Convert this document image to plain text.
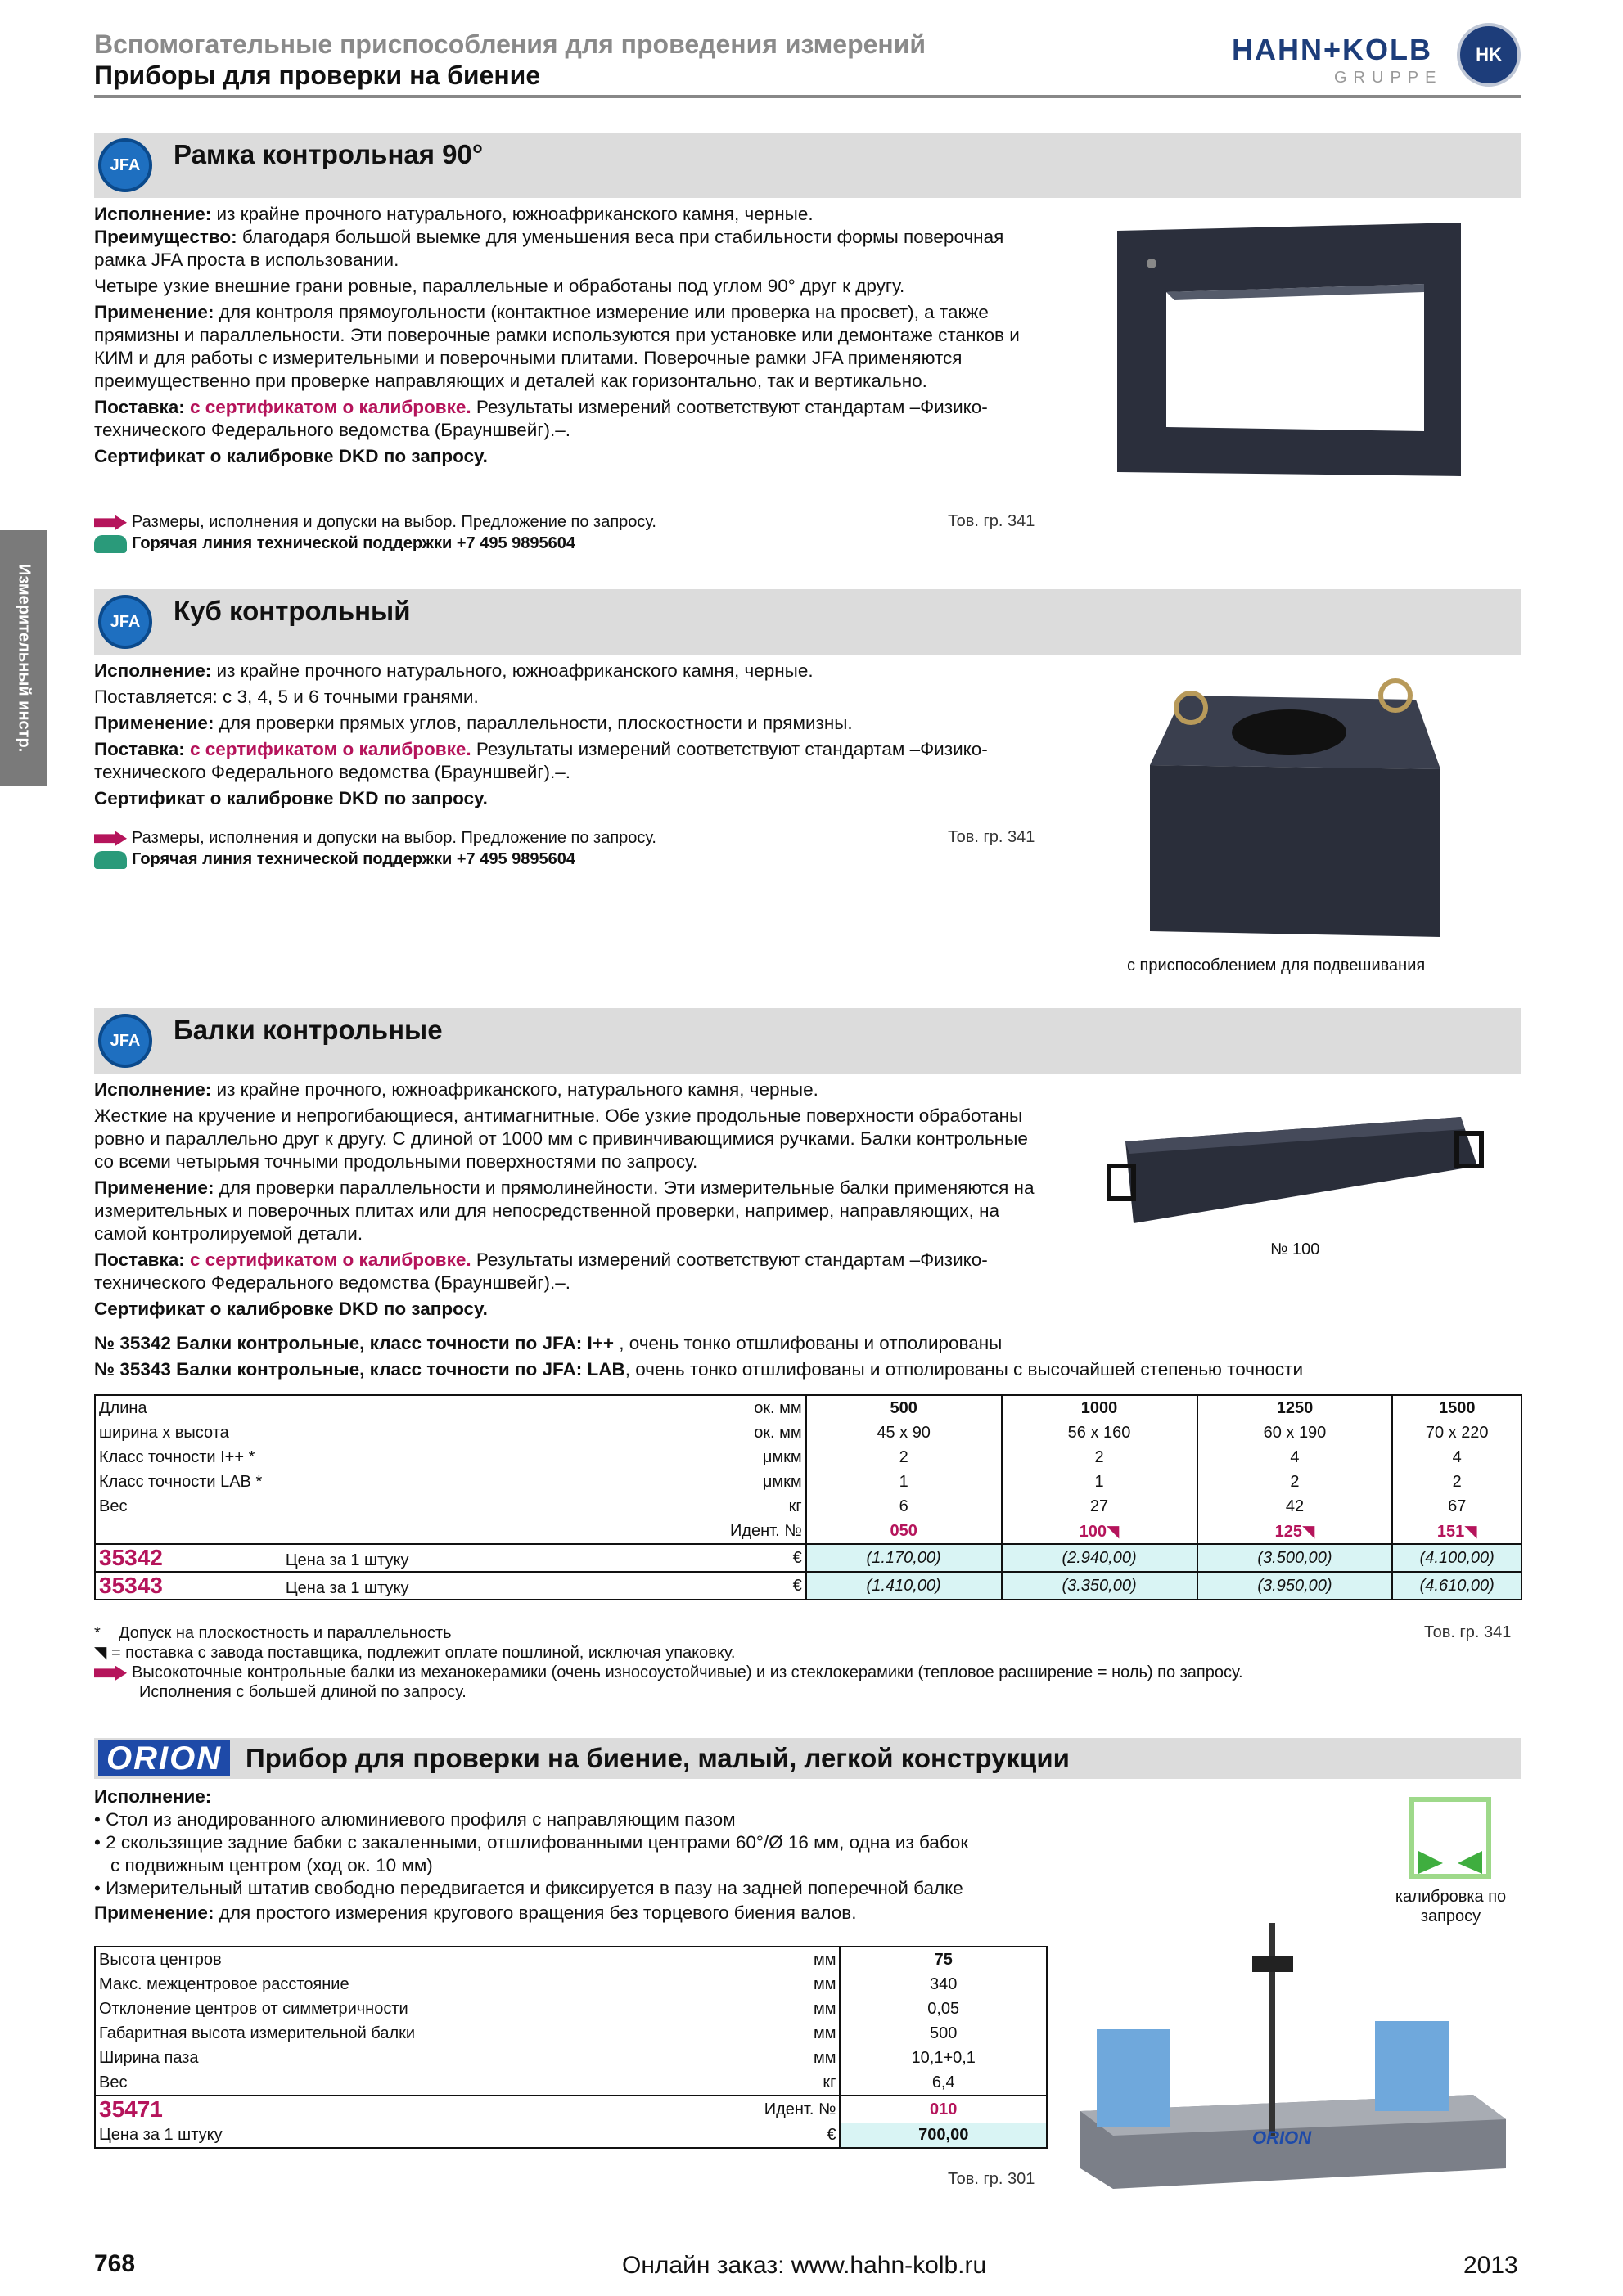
Вспомогательные приспособления для проведения измерений
Приборы для проверки на биение
HAHN+KOLB
GRUPPE
HK
Измерительный инстр.
JFA	Рамка контрольная 90°
Исполнение: из крайне прочного натурального, южноафриканского камня, черные.
Преимущество: благодаря большой выемке для уменьшения веса при стабильности формы поверочная рамка JFA проста в использовании.
Четыре узкие внешние грани ровные, параллельные и обработаны под углом 90° друг к другу.
Применение: для контроля прямоугольности (контактное измерение или проверка на просвет), а также прямизны и параллельности. Эти поверочные рамки используются при установке или демонтаже станков и КИМ и для работы с измерительными и поверочными плитами. Поверочные рамки JFA применяются преимущественно при проверке направляющих и деталей как горизонтально, так и вертикально.
Поставка: с сертификатом о калибровке. Результаты измерений соответствуют стандартам –Физико-технического Федерального ведомства (Брауншвейг).–.
Сертификат о калибровке DKD по запросу.
Размеры, исполнения и допуски на выбор. Предложение по запросу.	Тов. гр. 341
Горячая линия технической поддержки +7 495 9895604
JFA	Куб контрольный
Исполнение: из крайне прочного натурального, южноафриканского камня, черные.
Поставляется: с 3, 4, 5 и 6 точными гранями.
Применение: для проверки прямых углов, параллельности, плоскостности и прямизны.
Поставка: с сертификатом о калибровке. Результаты измерений соответствуют стандартам –Физико-технического Федерального ведомства (Брауншвейг).–.
Сертификат о калибровке DKD по запросу.
Размеры, исполнения и допуски на выбор. Предложение по запросу.	Тов. гр. 341
Горячая линия технической поддержки +7 495 9895604
с приспособлением для подвешивания
JFA	Балки контрольные
Исполнение: из крайне прочного, южноафриканского, натурального камня, черные.
Жесткие на кручение и непрогибающиеся, антимагнитные. Обе узкие продольные поверхности обработаны ровно и параллельно друг к другу. С длиной от 1000 мм с привинчивающимися ручками. Балки контрольные со всеми четырьмя точными продольными поверхностями по запросу.
Применение: для проверки параллельности и прямолинейности. Эти измерительные балки применяются на измерительных и поверочных плитах или для непосредственной проверки, например, направляющих, на самой контролируемой детали.
Поставка: с сертификатом о калибровке. Результаты измерений соответствуют стандартам –Физико-технического Федерального ведомства (Брауншвейг).–.
Сертификат о калибровке DKD по запросу.
№ 100
№ 35342 Балки контрольные, класс точности по JFA: I++ , очень тонко отшлифованы и отполированы
№ 35343 Балки контрольные, класс точности по JFA: LAB, очень тонко отшлифованы и отполированы с высочайшей степенью точности
Длина	ок. мм	500	1000	1250	1500
ширина х высота	ок. мм	45 x 90	56 x 160	60 x 190	70 x 220
Класс точности I++ *	μмкм	2	2	4	4
Класс точности LAB *	μмкм	1	1	2	2
Вес	кг	6	27	42	67
	Идент. №	050	100◥	125◥	151◥
35342 Цена за 1 штуку	€	(1.170,00)	(2.940,00)	(3.500,00)	(4.100,00)
35343 Цена за 1 штуку	€	(1.410,00)	(3.350,00)	(3.950,00)	(4.610,00)
*    Допуск на плоскостность и параллельность	Тов. гр. 341
◥ = поставка с завода поставщика, подлежит оплате пошлиной, исключая упаковку.
Высокоточные контрольные балки из механокерамики (очень износоустойчивые) и из стеклокерамики (тепловое расширение = ноль) по запросу.
Исполнения с большей длиной по запросу.
ORION Прибор для проверки на биение, малый, легкой конструкции
Исполнение:
• Стол из анодированного алюминиевого профиля с направляющим пазом
• 2 скользящие задние бабки с закаленными, отшлифованными центрами 60°/Ø 16 мм, одна из бабок
с подвижным центром (ход ок. 10 мм)
• Измерительный штатив свободно передвигается и фиксируется в пазу на задней поперечной балке
Применение: для простого измерения кругового вращения без торцевого биения валов.
калибровка по запросу
Высота центров	мм	75
Макс. межцентровое расстояние	мм	340
Отклонение центров от симметричности	мм	0,05
Габаритная высота измерительной балки	мм	500
Ширина паза	мм	10,1+0,1
Вес	кг	6,4
35471	Идент. №	010
Цена за 1 штуку	€	700,00
Тов. гр. 301
ORION
768	Онлайн заказ: www.hahn-kolb.ru	2013
